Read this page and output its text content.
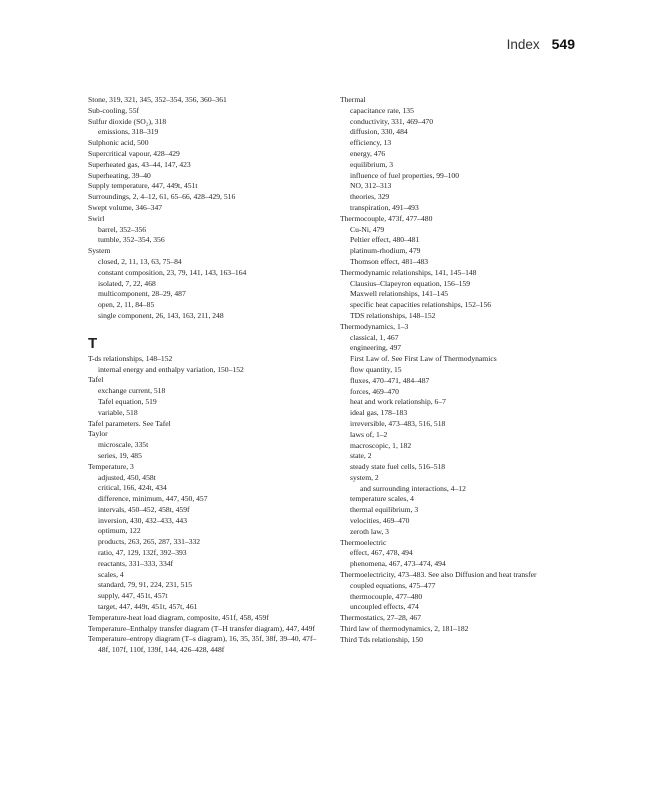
Index 549
Stone, 319, 321, 345, 352–354, 356, 360–361
Sub-cooling, 55f
Sulfur dioxide (SO₂), 318
emissions, 318–319
Sulphonic acid, 500
Supercritical vapour, 428–429
Superheated gas, 43–44, 147, 423
Superheating, 39–40
Supply temperature, 447, 449t, 451t
Surroundings, 2, 4–12, 61, 65–66, 428–429, 516
Swept volume, 346–347
Swirl
barrel, 352–356
tumble, 352–354, 356
System
closed, 2, 11, 13, 63, 75–84
constant composition, 23, 79, 141, 143, 163–164
isolated, 7, 22, 468
multicomponent, 28–29, 487
open, 2, 11, 84–85
single component, 26, 143, 163, 211, 248
T
T-ds relationships, 148–152
internal energy and enthalpy variation, 150–152
Tafel
exchange current, 518
Tafel equation, 519
variable, 518
Tafel parameters. See Tafel
Taylor
microscale, 335t
series, 19, 485
Temperature, 3
adjusted, 450, 458t
critical, 166, 424t, 434
difference, minimum, 447, 450, 457
intervals, 450–452, 458t, 459f
inversion, 430, 432–433, 443
optimum, 122
products, 263, 265, 287, 331–332
ratio, 47, 129, 132f, 392–393
reactants, 331–333, 334f
scales, 4
standard, 79, 91, 224, 231, 515
supply, 447, 451t, 457t
target, 447, 449t, 451t, 457t, 461
Temperature-heat load diagram, composite, 451f, 458, 459f
Temperature–Enthalpy transfer diagram (T–H transfer diagram), 447, 449f
Temperature–entropy diagram (T–s diagram), 16, 35, 35f, 38f, 39–40, 47f–48f, 107f, 110f, 139f, 144, 426–428, 448f
Thermal
capacitance rate, 135
conductivity, 331, 469–470
diffusion, 330, 484
efficiency, 13
energy, 476
equilibrium, 3
influence of fuel properties, 99–100
NO, 312–313
theories, 329
transpiration, 491–493
Thermocouple, 473f, 477–480
Cu-Ni, 479
Peltier effect, 480–481
platinum-rhodium, 479
Thomson effect, 481–483
Thermodynamic relationships, 141, 145–148
Clausius–Clapeyron equation, 156–159
Maxwell relationships, 141–145
specific heat capacities relationships, 152–156
TDS relationships, 148–152
Thermodynamics, 1–3
classical, 1, 467
engineering, 497
First Law of. See First Law of Thermodynamics
flow quantity, 15
fluxes, 470–471, 484–487
forces, 469–470
heat and work relationship, 6–7
ideal gas, 178–183
irreversible, 473–483, 516, 518
laws of, 1–2
macroscopic, 1, 182
state, 2
steady state fuel cells, 516–518
system, 2
and surrounding interactions, 4–12
temperature scales, 4
thermal equilibrium, 3
velocities, 469–470
zeroth law, 3
Thermoelectric
effect, 467, 478, 494
phenomena, 467, 473–474, 494
Thermoelectricity, 473–483. See also Diffusion and heat transfer
coupled equations, 475–477
thermocouple, 477–480
uncoupled effects, 474
Thermostatics, 27–28, 467
Third law of thermodynamics, 2, 181–182
Third Tds relationship, 150
